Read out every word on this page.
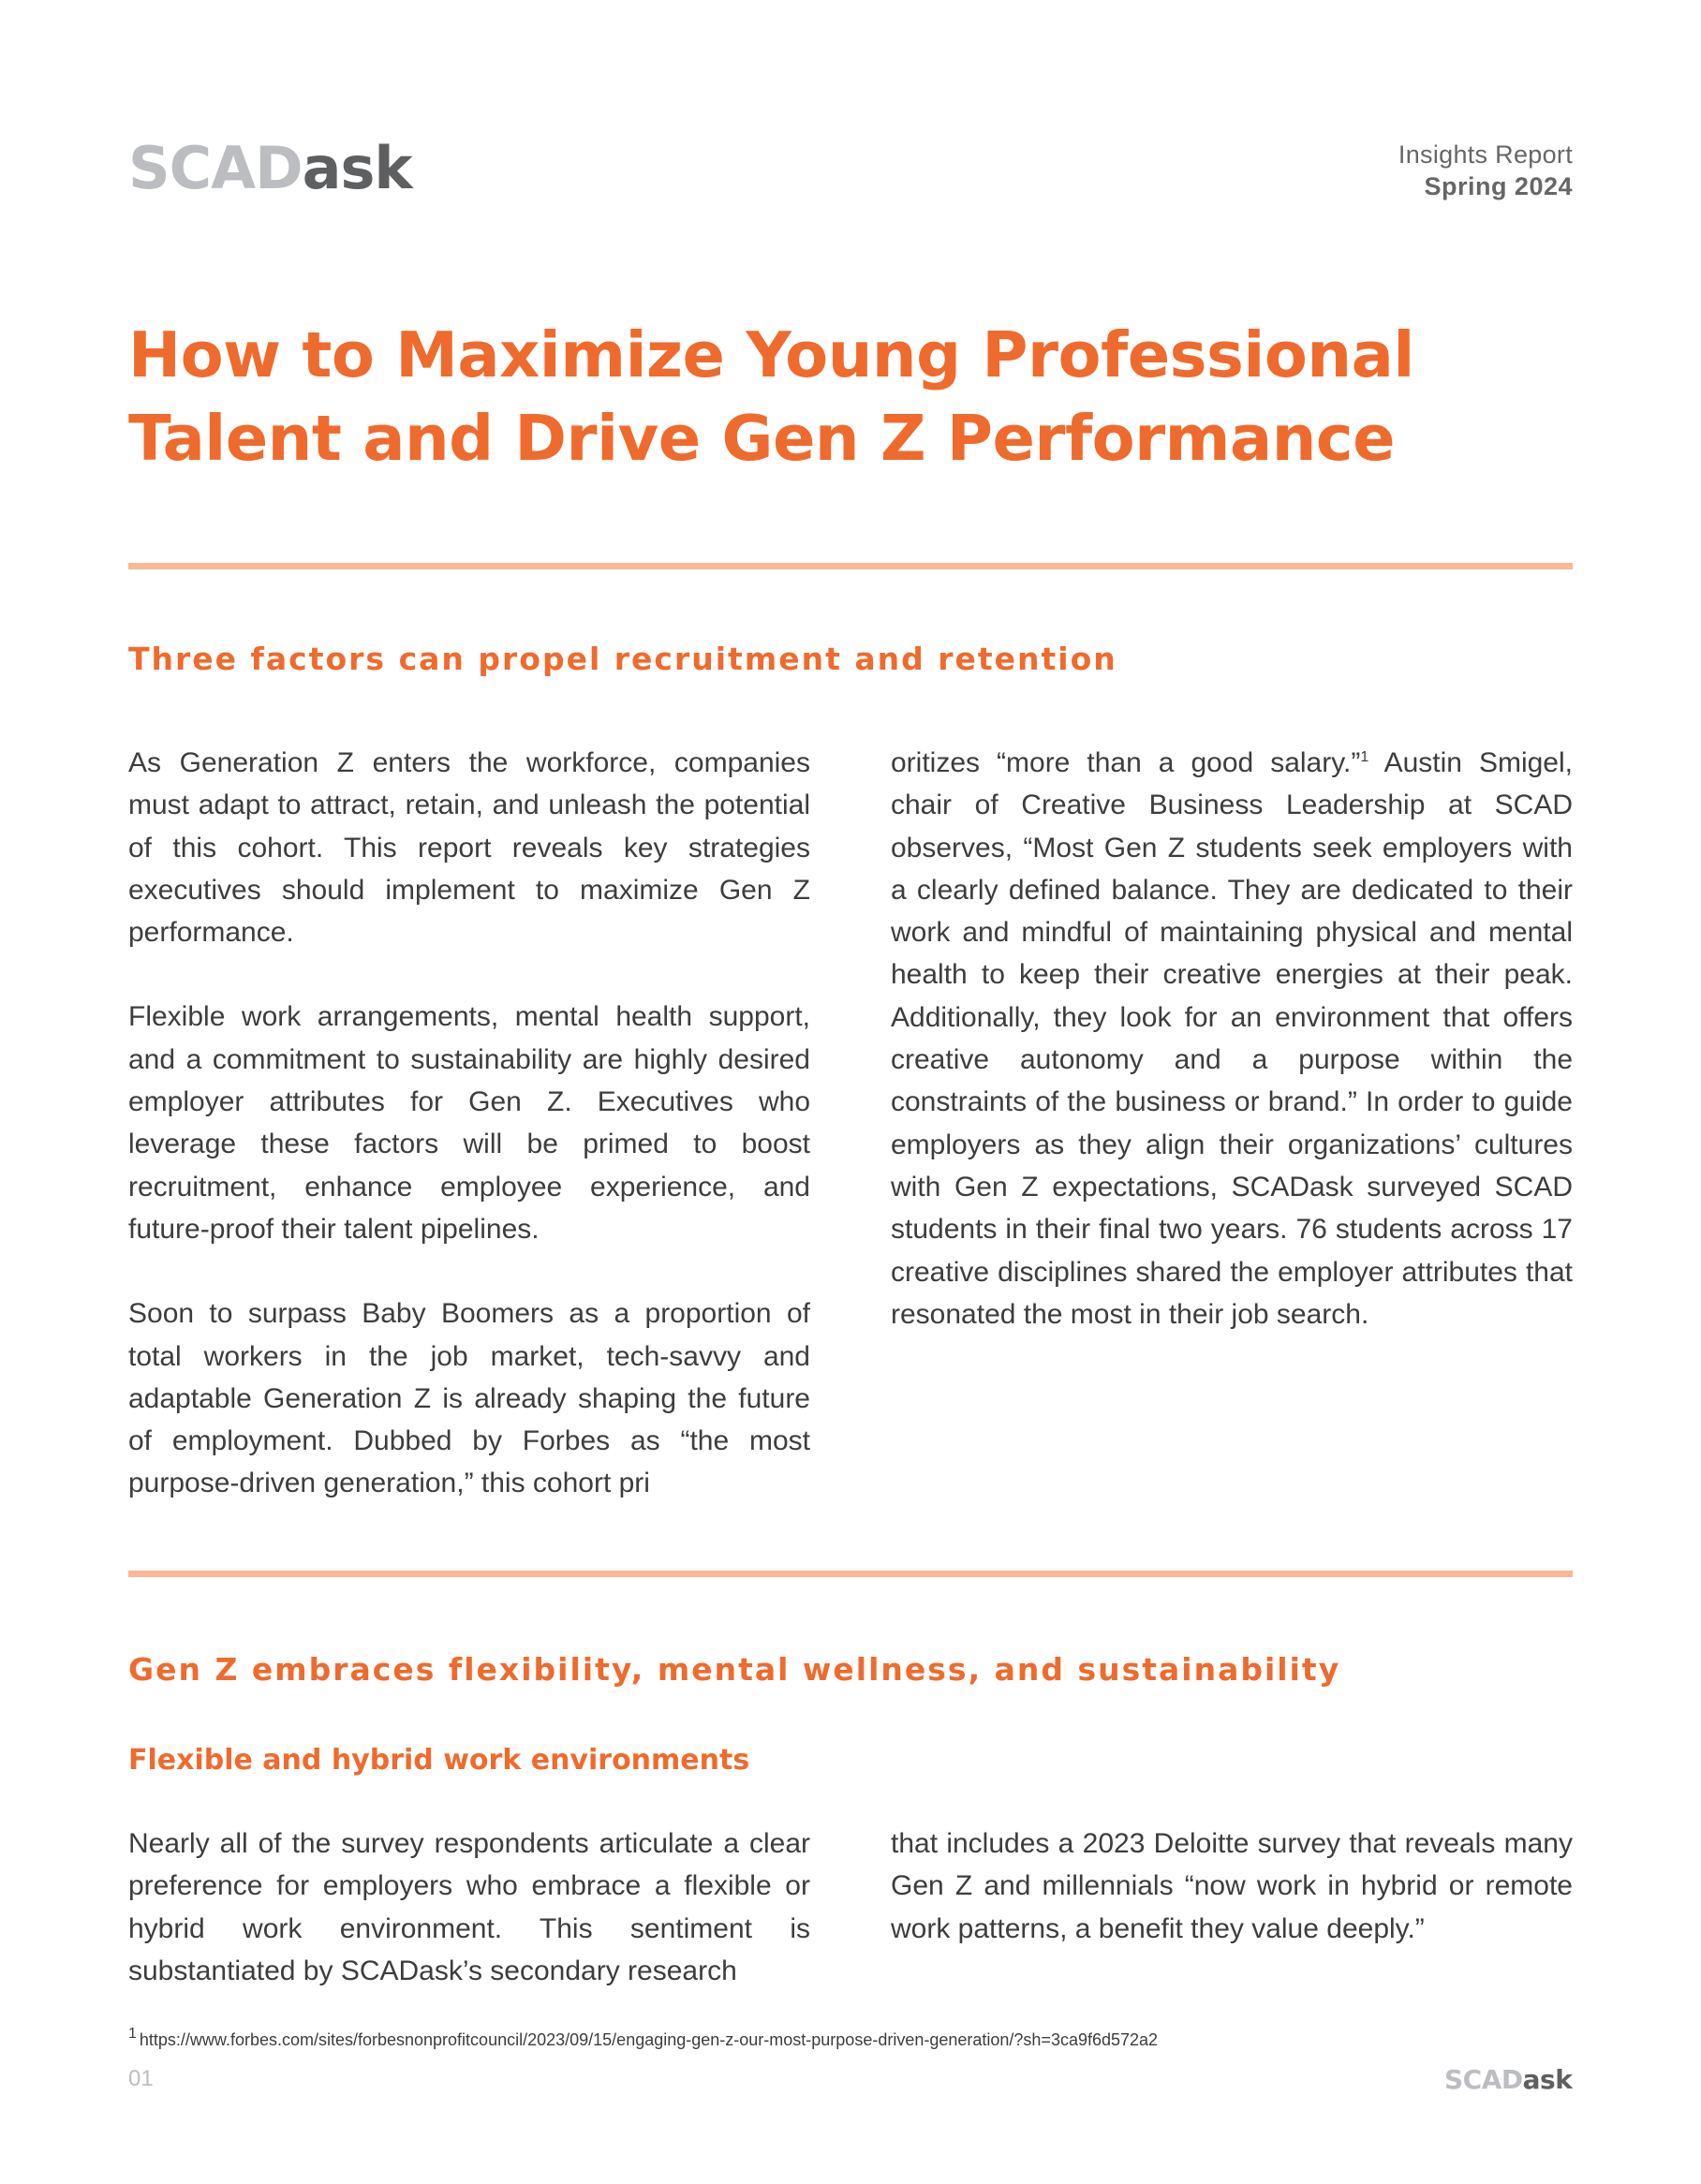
SCADask	Insights Report
Spring 2024
How to Maximize Young Professional
Talent and Drive Gen Z Performance
Three factors can propel recruitment and retention

As Generation Z enters the workforce, companies must adapt to attract, retain, and unleash the potential of this cohort. This report reveals key strategies executives should implement to maximize Gen Z performance.

Flexible work arrangements, mental health support, and a commitment to sustainability are highly desired employer attributes for Gen Z. Executives who leverage these factors will be primed to boost recruitment, enhance employee experience, and future-proof their talent pipelines.

Soon to surpass Baby Boomers as a proportion of total workers in the job market, tech-savvy and adaptable Generation Z is already shaping the future of employment. Dubbed by Forbes as “the most purpose-driven generation,” this cohort pri

oritizes “more than a good salary.”$^1$ Austin Smigel, chair of Creative Business Leadership at SCAD observes, “Most Gen Z students seek employers with a clearly defined balance. They are dedicated to their work and mindful of maintaining physical and mental health to keep their creative energies at their peak. Additionally, they look for an environment that offers creative autonomy and a purpose within the constraints of the business or brand.” In order to guide employers as they align their organizations’ cultures with Gen Z expectations, SCADask surveyed SCAD students in their final two years. 76 students across 17 creative disciplines shared the employer attributes that resonated the most in their job search.

Gen Z embraces flexibility, mental wellness, and sustainability
Flexible and hybrid work environments

Nearly all of the survey respondents articulate a clear preference for employers who embrace a flexible or hybrid work environment. This sentiment is substantiated by SCADask’s secondary research

that includes a 2023 Deloitte survey that reveals many Gen Z and millennials “now work in hybrid or remote work patterns, a benefit they value deeply.”

1 https://www.forbes.com/sites/forbesnonprofitcouncil/2023/09/15/engaging-gen-z-our-most-purpose-driven-generation/?sh=3ca9f6d572a2
01	SCADask
